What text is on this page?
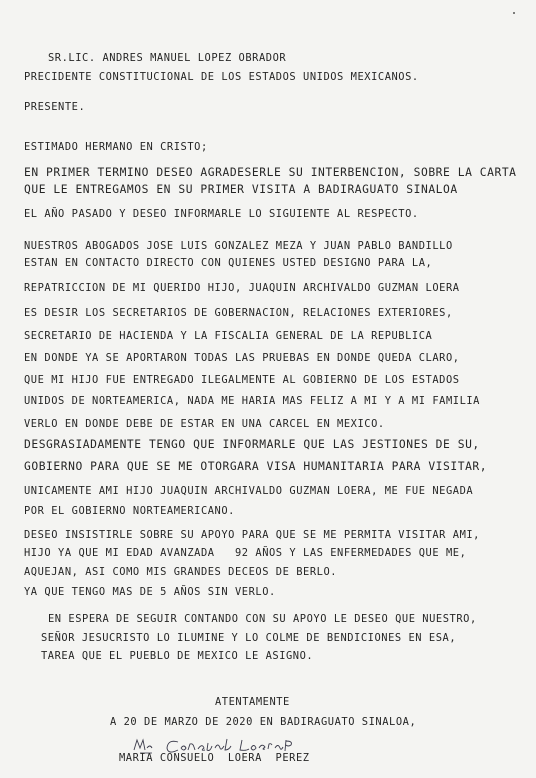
SR.LIC. ANDRES MANUEL LOPEZ OBRADOR
PRECIDENTE CONSTITUCIONAL DE LOS ESTADOS UNIDOS MEXICANOS.
PRESENTE.
ESTIMADO HERMANO EN CRISTO;
EN PRIMER TERMINO DESEO AGRADESERLE SU INTERBENCION, SOBRE LA CARTA
QUE LE ENTREGAMOS EN SU PRIMER VISITA A BADIRAGUATO SINALOA
EL AÑO PASADO Y DESEO INFORMARLE LO SIGUIENTE AL RESPECTO.
NUESTROS ABOGADOS JOSE LUIS GONZALEZ MEZA Y JUAN PABLO BANDILLO
ESTAN EN CONTACTO DIRECTO CON QUIENES USTED DESIGNO PARA LA,
REPATRICCION DE MI QUERIDO HIJO, JUAQUIN ARCHIVALDO GUZMAN LOERA
ES DESIR LOS SECRETARIOS DE GOBERNACION, RELACIONES EXTERIORES,
SECRETARIO DE HACIENDA Y LA FISCALIA GENERAL DE LA REPUBLICA
EN DONDE YA SE APORTARON TODAS LAS PRUEBAS EN DONDE QUEDA CLARO,
QUE MI HIJO FUE ENTREGADO ILEGALMENTE AL GOBIERNO DE LOS ESTADOS
UNIDOS DE NORTEAMERICA, NADA ME HARIA MAS FELIZ A MI Y A MI FAMILIA
VERLO EN DONDE DEBE DE ESTAR EN UNA CARCEL EN MEXICO.
DESGRASIADAMENTE TENGO QUE INFORMARLE QUE LAS JESTIONES DE SU,
GOBIERNO PARA QUE SE ME OTORGARA VISA HUMANITARIA PARA VISITAR,
UNICAMENTE AMI HIJO JUAQUIN ARCHIVALDO GUZMAN LOERA, ME FUE NEGADA
POR EL GOBIERNO NORTEAMERICANO.
DESEO INSISTIRLE SOBRE SU APOYO PARA QUE SE ME PERMITA VISITAR AMI,
HIJO YA QUE MI EDAD AVANZADA   92 AÑOS Y LAS ENFERMEDADES QUE ME,
AQUEJAN, ASI COMO MIS GRANDES DECEOS DE BERLO.
YA QUE TENGO MAS DE 5 AÑOS SIN VERLO.
EN ESPERA DE SEGUIR CONTANDO CON SU APOYO LE DESEO QUE NUESTRO,
SEÑOR JESUCRISTO LO ILUMINE Y LO COLME DE BENDICIONES EN ESA,
TAREA QUE EL PUEBLO DE MEXICO LE ASIGNO.
ATENTAMENTE
A 20 DE MARZO DE 2020 EN BADIRAGUATO SINALOA,
MARIA CONSUELO  LOERA  PEREZ
